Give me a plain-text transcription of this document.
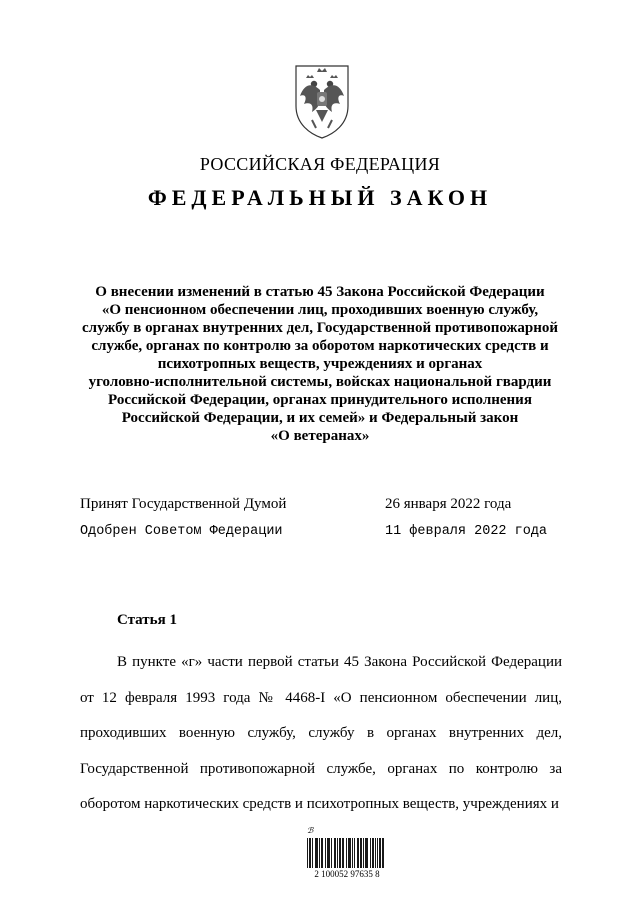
РОССИЙСКАЯ ФЕДЕРАЦИЯ
ФЕДЕРАЛЬНЫЙ ЗАКОН
О внесении изменений в статью 45 Закона Российской Федерации
«О пенсионном обеспечении лиц, проходивших военную службу,
службу в органах внутренних дел, Государственной противопожарной
службе, органах по контролю за оборотом наркотических средств и
психотропных веществ, учреждениях и органах
уголовно-исполнительной системы, войсках национальной гвардии
Российской Федерации, органах принудительного исполнения
Российской Федерации, и их семей» и Федеральный закон
«О ветеранах»
Принят Государственной Думой	26 января 2022 года
Одобрен Советом Федерации	11 февраля 2022 года
Статья 1

В пункте «г» части первой статьи 45 Закона Российской Федерации от 12 февраля 1993 года № 4468-I «О пенсионном обеспечении лиц, проходивших военную службу, службу в органах внутренних дел, Государственной противопожарной службе, органах по контролю за оборотом наркотических средств и психотропных веществ, учреждениях и

ℬ
2 100052 97635 8
